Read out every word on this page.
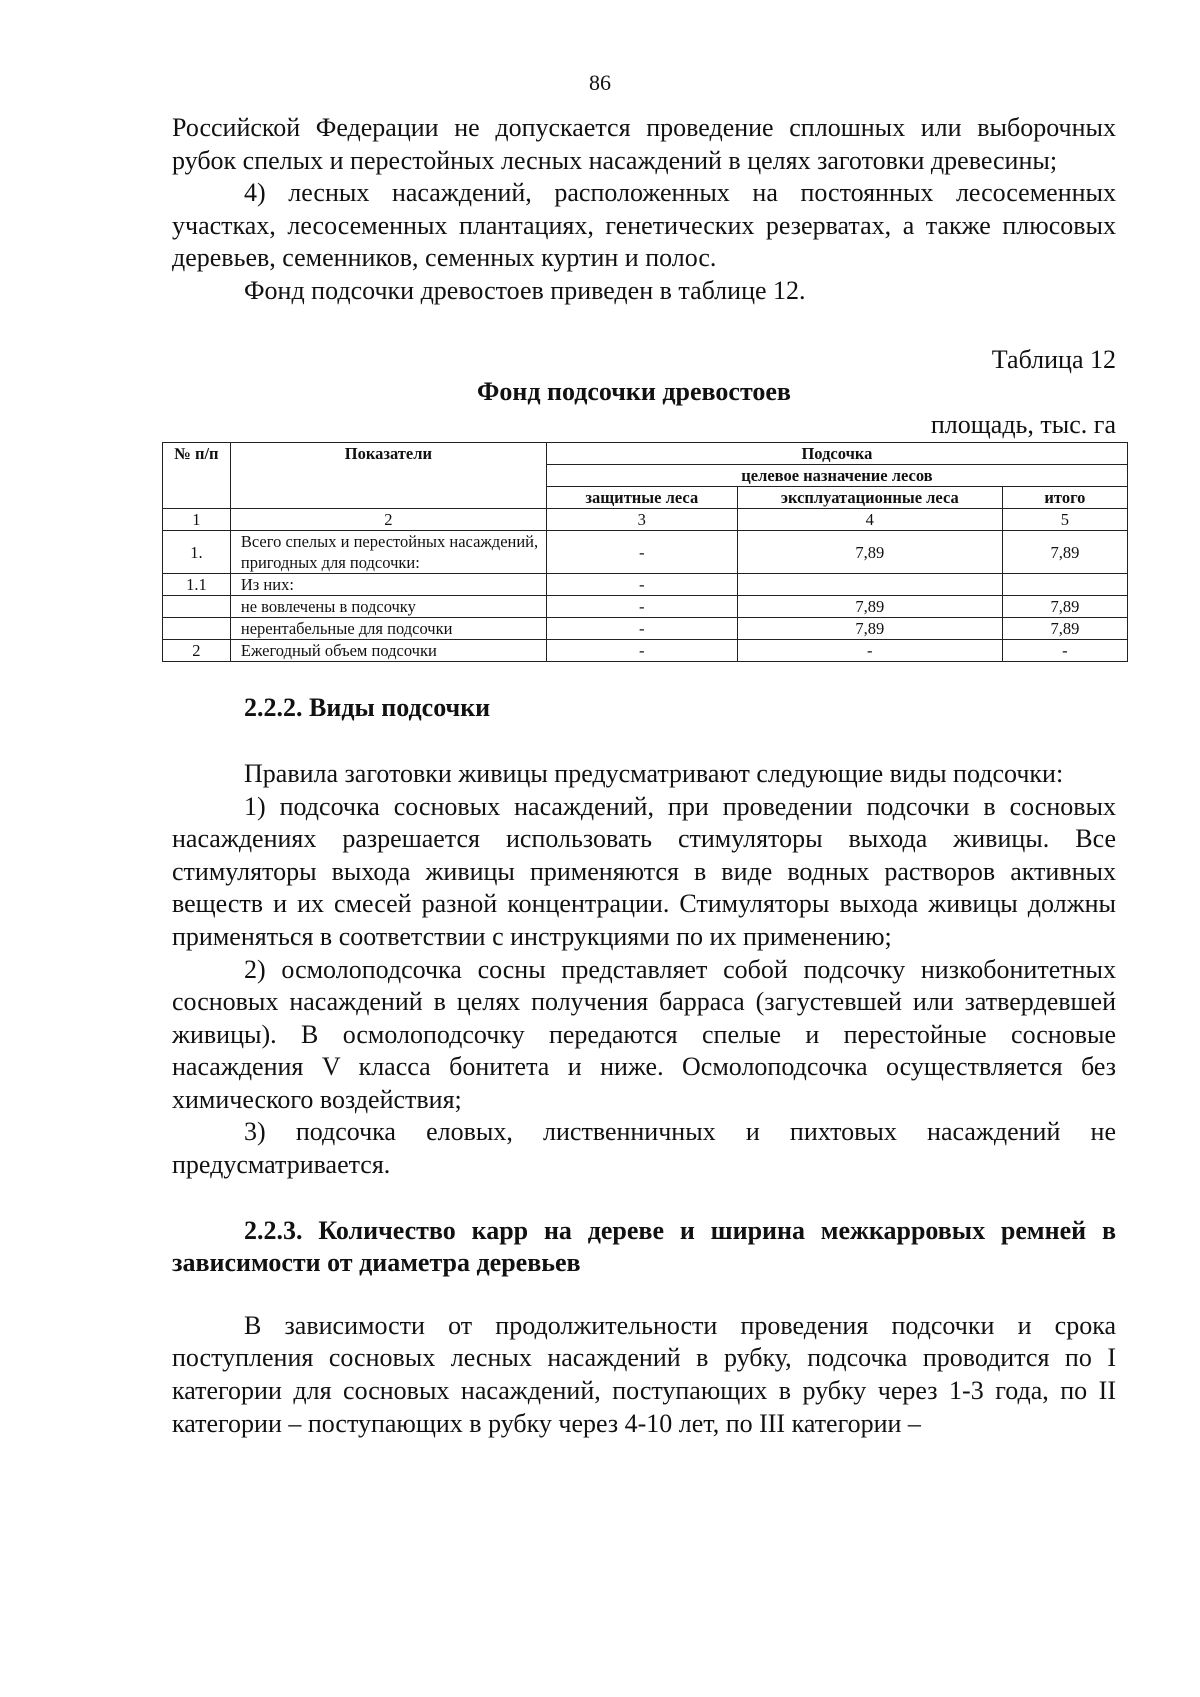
86

Российской Федерации не допускается проведение сплошных или выборочных рубок спелых и перестойных лесных насаждений в целях заготовки древесины;

4) лесных насаждений, расположенных на постоянных лесосеменных участках, лесосеменных плантациях, генетических резерватах, а также плюсовых деревьев, семенников, семенных куртин и полос.

Фонд подсочки древостоев приведен в таблице 12.

Таблица 12
Фонд подсочки древостоев
площадь, тыс. га
№ п/п	Показатели	Подсочка		
		целевое назначение лесов		
		защитные леса	эксплуатационные леса	итого
1	2	3	4	5
1.	Всего спелых и перестойных насаждений, пригодных для подсочки:	-	7,89	7,89
1.1	Из них:	-		
	не вовлечены в подсочку	-	7,89	7,89
	нерентабельные для подсочки	-	7,89	7,89
2	Ежегодный объем подсочки	-	-	-
2.2.2. Виды подсочки

Правила заготовки живицы предусматривают следующие виды подсочки:

1) подсочка сосновых насаждений, при проведении подсочки в сосновых насаждениях разрешается использовать стимуляторы выхода живицы. Все стимуляторы выхода живицы применяются в виде водных растворов активных веществ и их смесей разной концентрации. Стимуляторы выхода живицы должны применяться в соответствии с инструкциями по их применению;

2) осмолоподсочка сосны представляет собой подсочку низкобонитетных сосновых насаждений в целях получения барраса (загустевшей или затвердевшей живицы). В осмолоподсочку передаются спелые и перестойные сосновые насаждения V класса бонитета и ниже. Осмолоподсочка осуществляется без химического воздействия;

3) подсочка еловых, лиственничных и пихтовых насаждений не предусматривается.

2.2.3. Количество карр на дереве и ширина межкарровых ремней в зависимости от диаметра деревьев

В зависимости от продолжительности проведения подсочки и срока поступления сосновых лесных насаждений в рубку, подсочка проводится по I категории для сосновых насаждений, поступающих в рубку через 1-3 года, по II категории – поступающих в рубку через 4-10 лет, по III категории –
